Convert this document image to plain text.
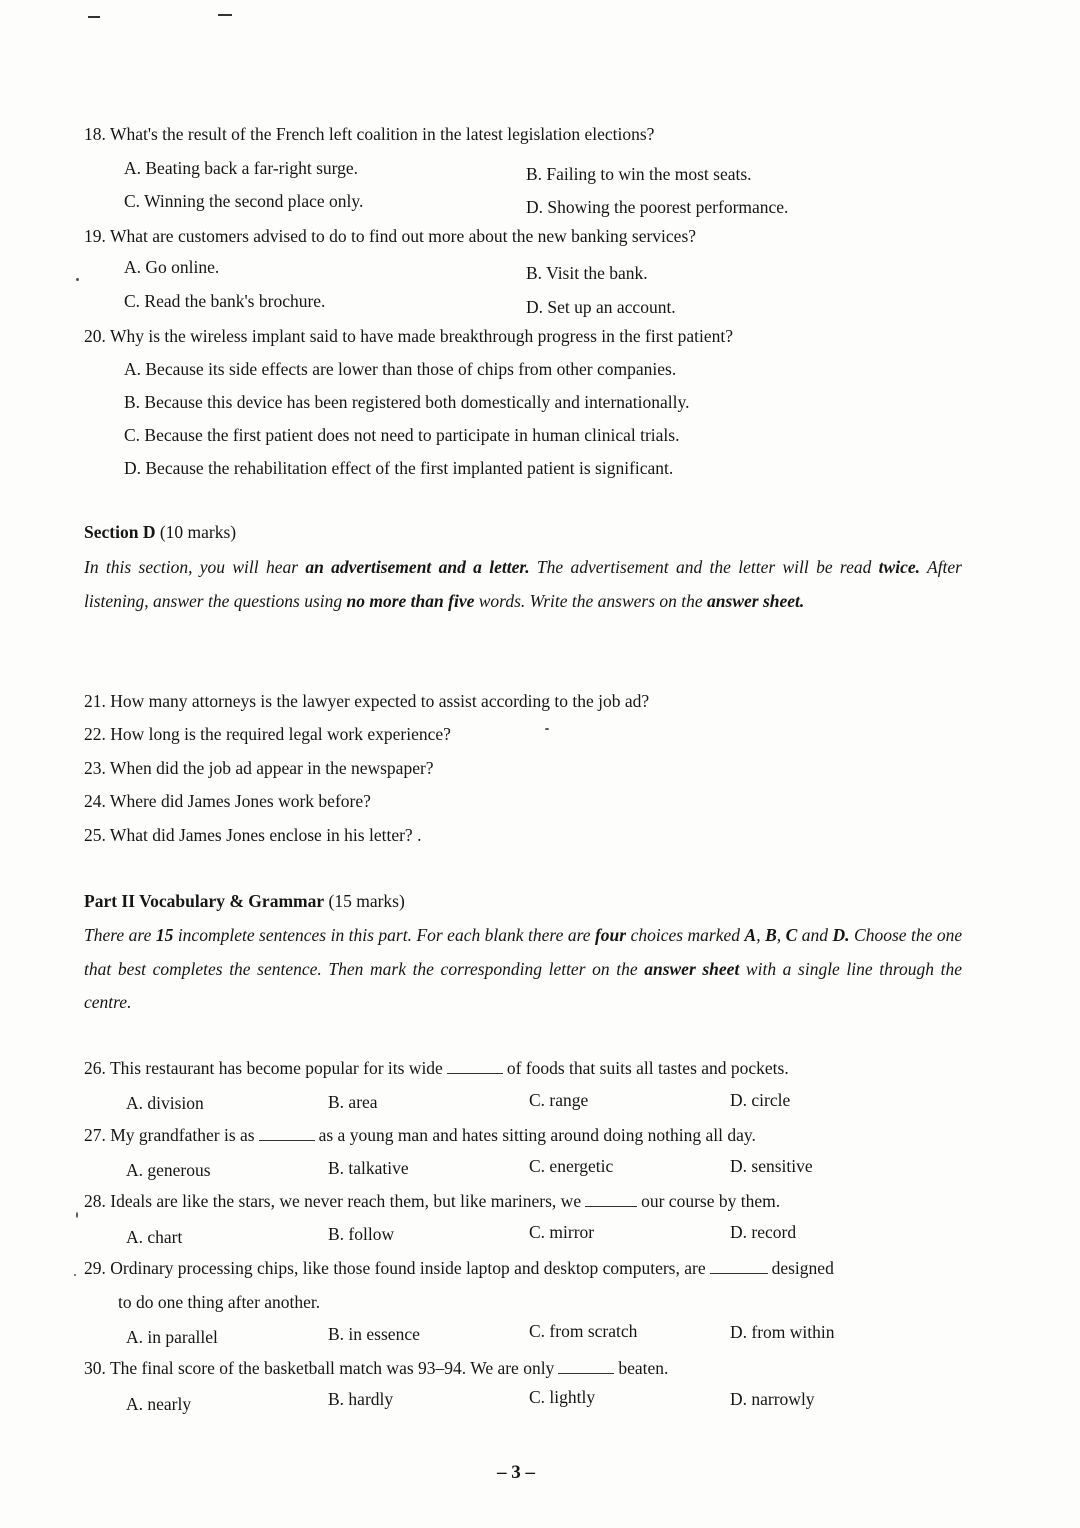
18. What's the result of the French left coalition in the latest legislation elections?
A. Beating back a far-right surge.	B. Failing to win the most seats.
C. Winning the second place only.	D. Showing the poorest performance.
19. What are customers advised to do to find out more about the new banking services?
A. Go online.	B. Visit the bank.
C. Read the bank's brochure.	D. Set up an account.
20. Why is the wireless implant said to have made breakthrough progress in the first patient?
A. Because its side effects are lower than those of chips from other companies.
B. Because this device has been registered both domestically and internationally.
C. Because the first patient does not need to participate in human clinical trials.
D. Because the rehabilitation effect of the first implanted patient is significant.
Section D (10 marks)
In this section, you will hear an advertisement and a letter. The advertisement and the letter will be read twice. After listening, answer the questions using no more than five words. Write the answers on the answer sheet.
21. How many attorneys is the lawyer expected to assist according to the job ad?
22. How long is the required legal work experience?
23. When did the job ad appear in the newspaper?
24. Where did James Jones work before?
25. What did James Jones enclose in his letter? .
Part II Vocabulary & Grammar (15 marks)
There are 15 incomplete sentences in this part. For each blank there are four choices marked A, B, C and D. Choose the one that best completes the sentence. Then mark the corresponding letter on the answer sheet with a single line through the centre.
26. This restaurant has become popular for its wide	of foods that suits all tastes and pockets.
A. division	B. area	C. range	D. circle
27. My grandfather is as	as a young man and hates sitting around doing nothing all day.
A. generous	B. talkative	C. energetic	D. sensitive
28. Ideals are like the stars, we never reach them, but like mariners, we	our course by them.
A. chart	B. follow	C. mirror	D. record
29. Ordinary processing chips, like those found inside laptop and desktop computers, are	designed
to do one thing after another.
A. in parallel	B. in essence	C. from scratch	D. from within
30. The final score of the basketball match was 93–94. We are only	beaten.
A. nearly	B. hardly	C. lightly	D. narrowly
– 3 –
